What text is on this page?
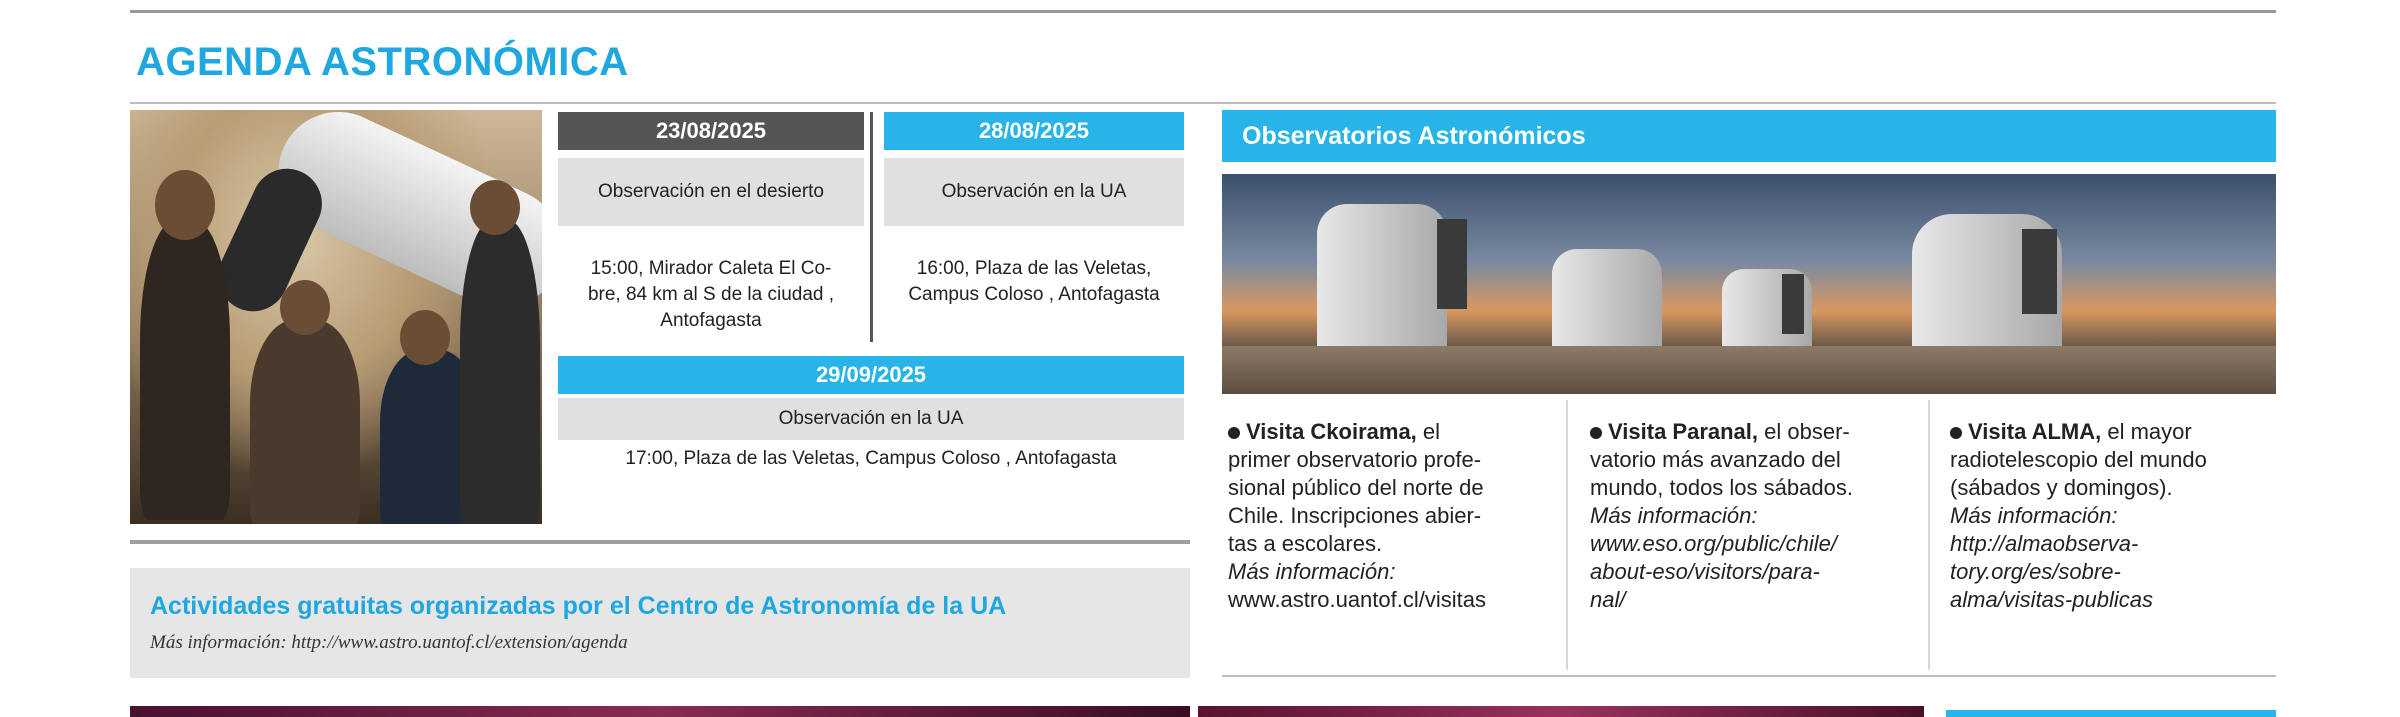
AGENDA ASTRONÓMICA
23/08/2025
Observación en el desierto
15:00, Mirador Caleta El Co-
bre, 84 km al S de la ciudad ,
Antofagasta
28/08/2025
Observación en la UA
16:00, Plaza de las Veletas,
Campus Coloso , Antofagasta
29/09/2025
Observación en la UA
17:00, Plaza de las Veletas, Campus Coloso , Antofagasta
Actividades gratuitas organizadas por el Centro de Astronomía de la UA
Más información: http://www.astro.uantof.cl/extension/agenda
Observatorios Astronómicos
Visita Ckoirama, el
primer observatorio profe-
sional público del norte de
Chile. Inscripciones abier-
tas a escolares.
Más información:
www.astro.uantof.cl/visitas
Visita Paranal, el obser-
vatorio más avanzado del
mundo, todos los sábados.
Más información:
www.eso.org/public/chile/
about-eso/visitors/para-
nal/
Visita ALMA, el mayor
radiotelescopio del mundo
(sábados y domingos).
Más información:
http://almaobserva-
tory.org/es/sobre-
alma/visitas-publicas
